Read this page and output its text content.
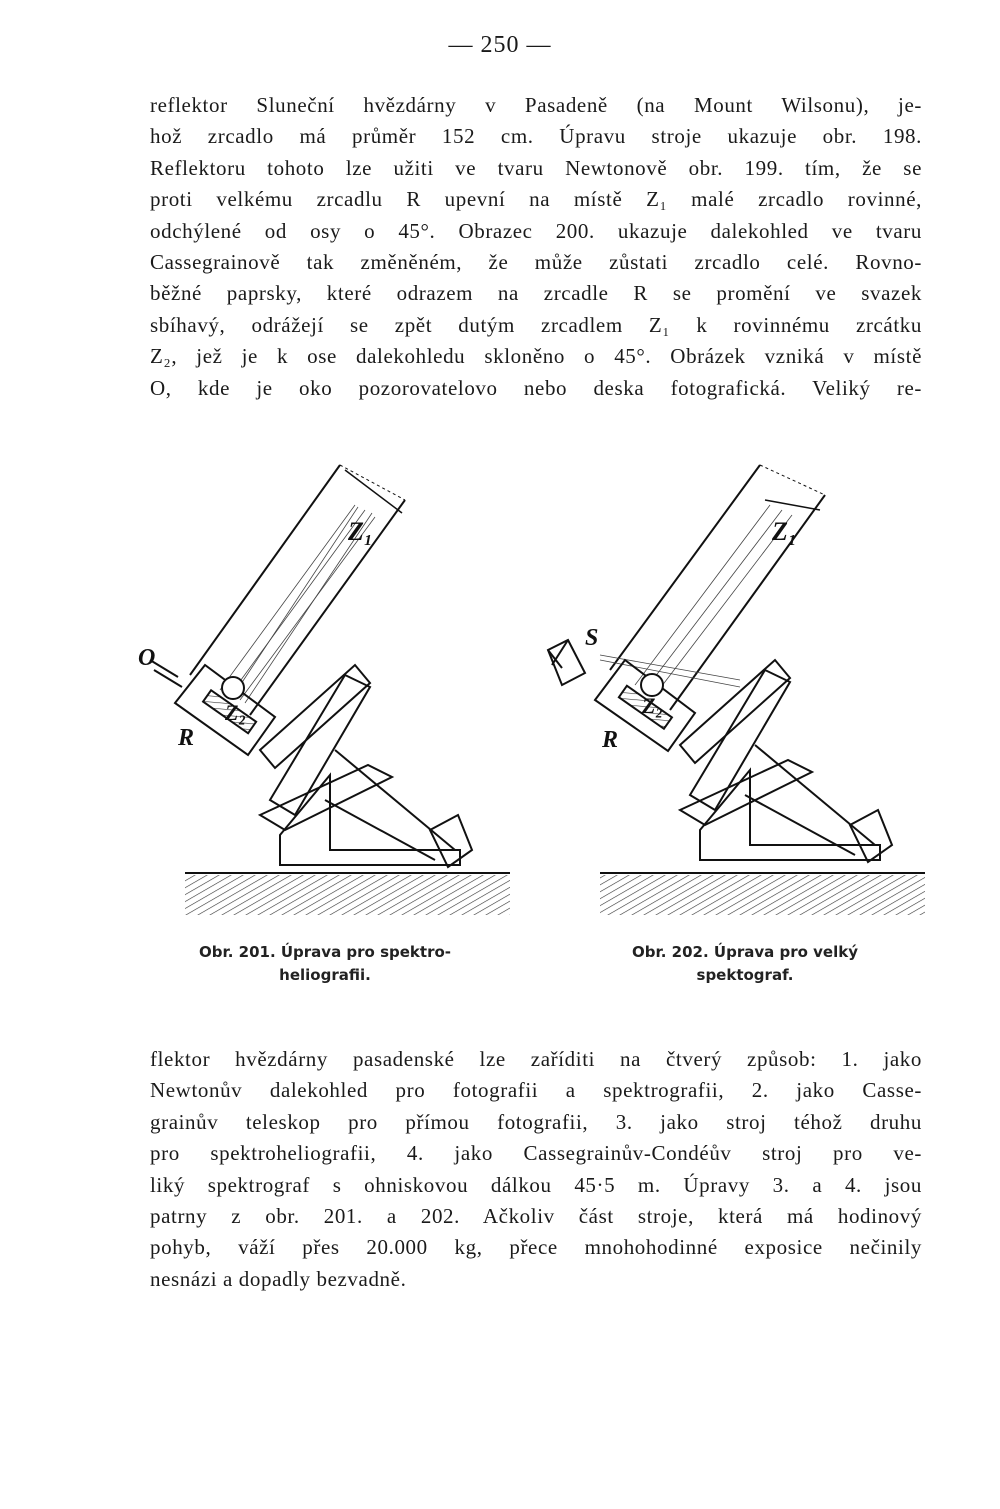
— 250 —
reflektor Sluneční hvězdárny v Pasadeně (na Mount Wilsonu), je-
hož zrcadlo má průměr 152 cm. Úpravu stroje ukazuje obr. 198.
Reflektoru tohoto lze užiti ve tvaru Newtonově obr. 199. tím, že se
proti velkému zrcadlu R upevní na místě Z₁ malé zrcadlo rovinné,
odchýlené od osy o 45°. Obrazec 200. ukazuje dalekohled ve tvaru
Cassegrainově tak změněném, že může zůstati zrcadlo celé. Rovno-
běžné paprsky, které odrazem na zrcadle R se promění ve svazek
sbíhavý, odrážejí se zpět dutým zrcadlem Z₁ k rovinnému zrcátku
Z₂, jež je k ose dalekohledu skloněno o 45°. Obrázek vzniká v místě
O, kde je oko pozorovatelovo nebo deska fotografická. Veliký re-
O
R
Z₁
Z₂
S
R
Z₁
Z₂
Obr. 201. Úprava pro spektro-
heliografii.
Obr. 202. Úprava pro velký
spektograf.
flektor hvězdárny pasadenské lze zaříditi na čtverý způsob: 1. jako
Newtonův dalekohled pro fotografii a spektrografii, 2. jako Casse-
grainův teleskop pro přímou fotografii, 3. jako stroj téhož druhu
pro spektroheliografii, 4. jako Cassegrainův-Condéův stroj pro ve-
liký spektrograf s ohniskovou dálkou 45·5 m. Úpravy 3. a 4. jsou
patrny z obr. 201. a 202. Ačkoliv část stroje, která má hodinový
pohyb, váží přes 20.000 kg, přece mnohohodinné exposice nečinily
nesnázi a dopadly bezvadně.
